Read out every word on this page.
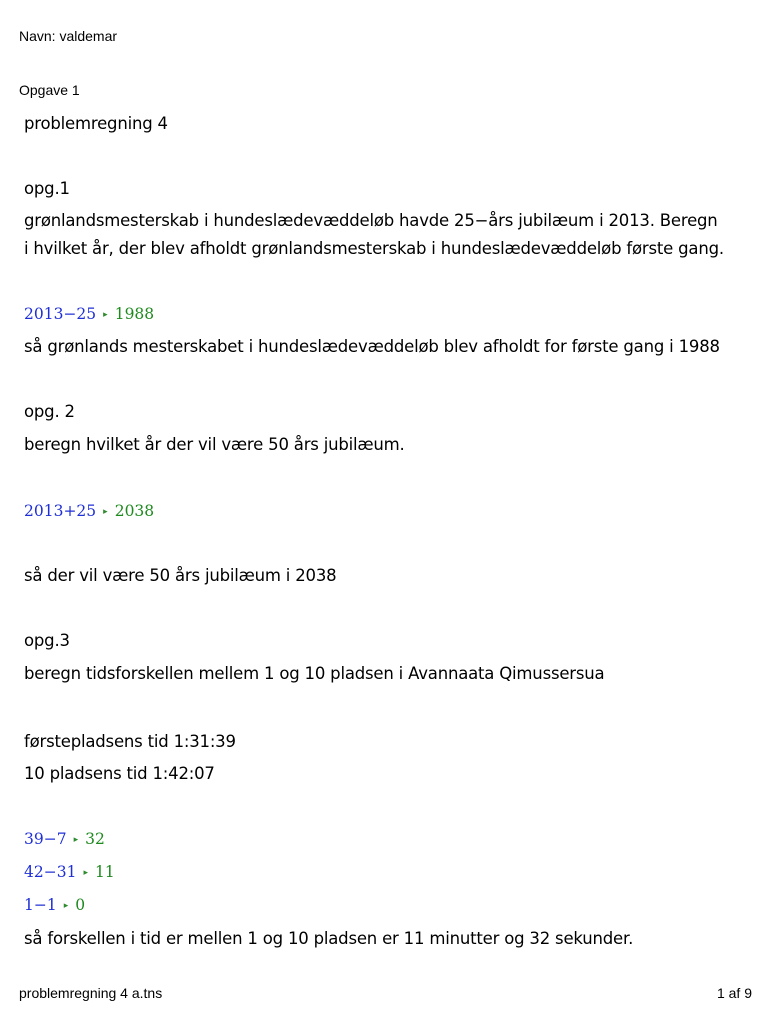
Navn: valdemar
Opgave 1
problemregning 4
opg.1
grønlandsmesterskab i hundeslædevæddeløb havde 25−års jubilæum i 2013. Beregn
i hvilket år, der blev afholdt grønlandsmesterskab i hundeslædevæddeløb første gang.
2013−25 ▸ 1988
så grønlands mesterskabet i hundeslædevæddeløb blev afholdt for første gang i 1988
opg. 2
beregn hvilket år der vil være 50 års jubilæum.
2013+25 ▸ 2038
så der vil være 50 års jubilæum i 2038
opg.3
beregn tidsforskellen mellem 1 og 10 pladsen i Avannaata Qimussersua
førstepladsens tid 1:31:39
10 pladsens tid 1:42:07
39−7 ▸ 32
42−31 ▸ 11
1−1 ▸ 0
så forskellen i tid er mellen 1 og 10 pladsen er 11 minutter og 32 sekunder.
problemregning 4 a.tns	1 af 9
